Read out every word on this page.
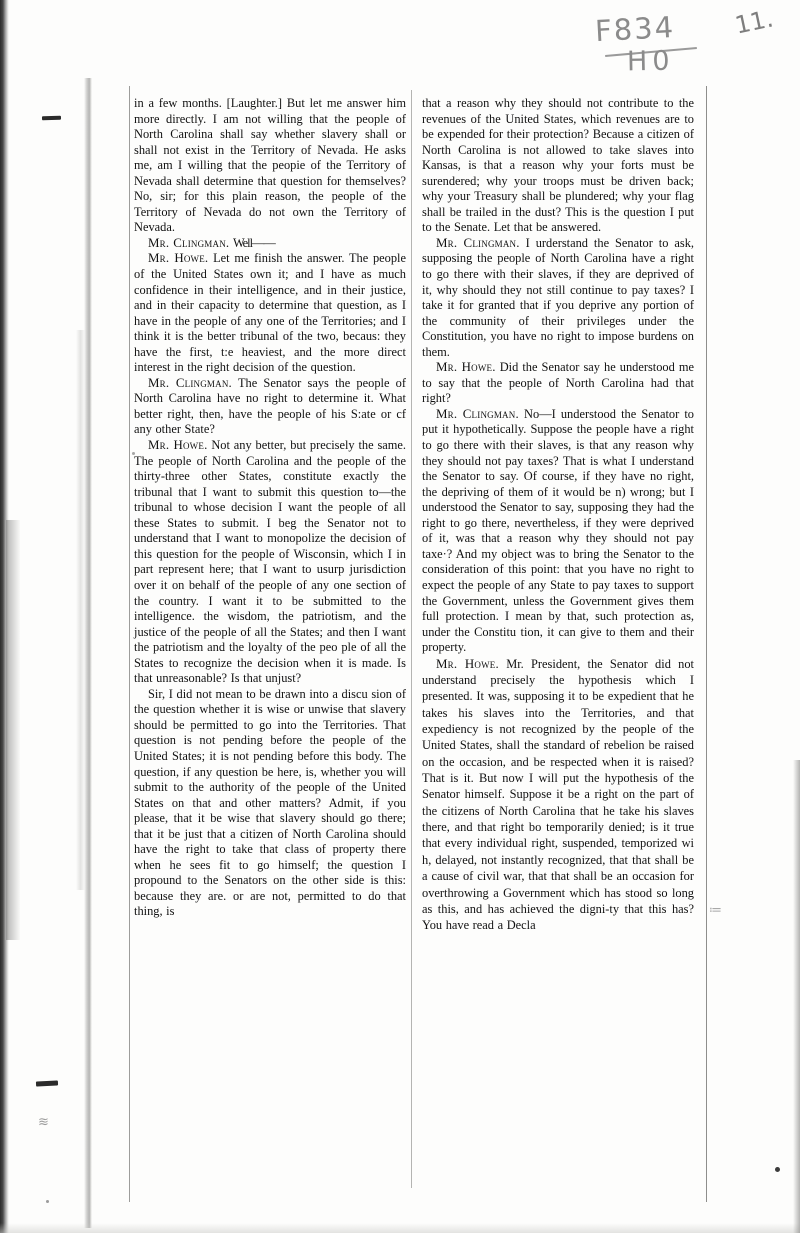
F834
H0
11.
≋
≔

in a few months. [Laughter.] But let me answer him more directly. I am not willing that the people of North Carolina shall say whether slavery shall or shall not exist in the Territory of Nevada. He asks me, am I willing that the peopie of the Territory of Nevada shall determine that question for themselves? No, sir; for this plain reason, the people of the Territory of Nevada do not own the Territory of Nevada.

Mr. Clingman. Well——

Mr. Howe. Let me finish the answer. The people of the United States own it; and I have as much confidence in their intelligence, and in their justice, and in their capacity to determine that question, as I have in the people of any one of the Territories; and I think it is the better tribunal of the two, becaus: they have the first, t:e heaviest, and the more direct interest in the right decision of the question.

Mr. Clingman. The Senator says the people of North Carolina have no right to determine it. What better right, then, have the people of his S:ate or cf any other State?

Mr. Howe. Not any better, but precisely the same. The people of North Carolina and the people of the thirty-three other States, constitute exactly the tribunal that I want to submit this question to—the tribunal to whose decision I want the people of all these States to submit. I beg the Senator not to understand that I want to monopolize the decision of this question for the people of Wisconsin, which I in part represent here; that I want to usurp jurisdiction over it on behalf of the people of any one section of the country. I want it to be submitted to the intelligence. the wisdom, the patriotism, and the justice of the people of all the States; and then I want the patriotism and the loyalty of the peo ple of all the States to recognize the decision when it is made. Is that unreasonable? Is that unjust?

Sir, I did not mean to be drawn into a discu sion of the question whether it is wise or unwise that slavery should be permitted to go into the Territories. That question is not pending before the people of the United States; it is not pending before this body. The question, if any question be here, is, whether you will submit to the authority of the people of the United States on that and other matters? Admit, if you please, that it be wise that slavery should go there; that it be just that a citizen of North Carolina should have the right to take that class of property there when he sees fit to go himself; the question I propound to the Senators on the other side is this: because they are. or are not, permitted to do that thing, is

that a reason why they should not contribute to the revenues of the United States, which revenues are to be expended for their protection? Because a citizen of North Carolina is not allowed to take slaves into Kansas, is that a reason why your forts must be surendered; why your troops must be driven back; why your Treasury shall be plundered; why your flag shall be trailed in the dust? This is the question I put to the Senate. Let that be answered.

Mr. Clingman. I urderstand the Senator to ask, supposing the people of North Carolina have a right to go there with their slaves, if they are deprived of it, why should they not still continue to pay taxes? I take it for granted that if you deprive any portion of the community of their privileges under the Constitution, you have no right to impose burdens on them.

Mr. Howe. Did the Senator say he understood me to say that the people of North Carolina had that right?

Mr. Clingman. No—I understood the Senator to put it hypothetically. Suppose the people have a right to go there with their slaves, is that any reason why they should not pay taxes? That is what I understand the Senator to say. Of course, if they have no right, the depriving of them of it would be n) wrong; but I understood the Senator to say, supposing they had the right to go there, nevertheless, if they were deprived of it, was that a reason why they should not pay taxe·? And my object was to bring the Senator to the consideration of this point: that you have no right to expect the people of any State to pay taxes to support the Government, unless the Government gives them full protection. I mean by that, such protection as, under the Constitu tion, it can give to them and their property.

Mr. Howe. Mr. President, the Senator did not understand precisely the hypothesis which I presented. It was, supposing it to be expedient that he takes his slaves into the Territories, and that expediency is not recognized by the people of the United States, shall the standard of rebelion be raised on the occasion, and be respected when it is raised? That is it. But now I will put the hypothesis of the Senator himself. Suppose it be a right on the part of the citizens of North Carolina that he take his slaves there, and that right bo temporarily denied; is it true that every individual right, suspended, temporized wi h, delayed, not instantly recognized, that that shall be a cause of civil war, that that shall be an occasion for overthrowing a Government which has stood so long as this, and has achieved the digni-ty that this has? You have read a Decla
